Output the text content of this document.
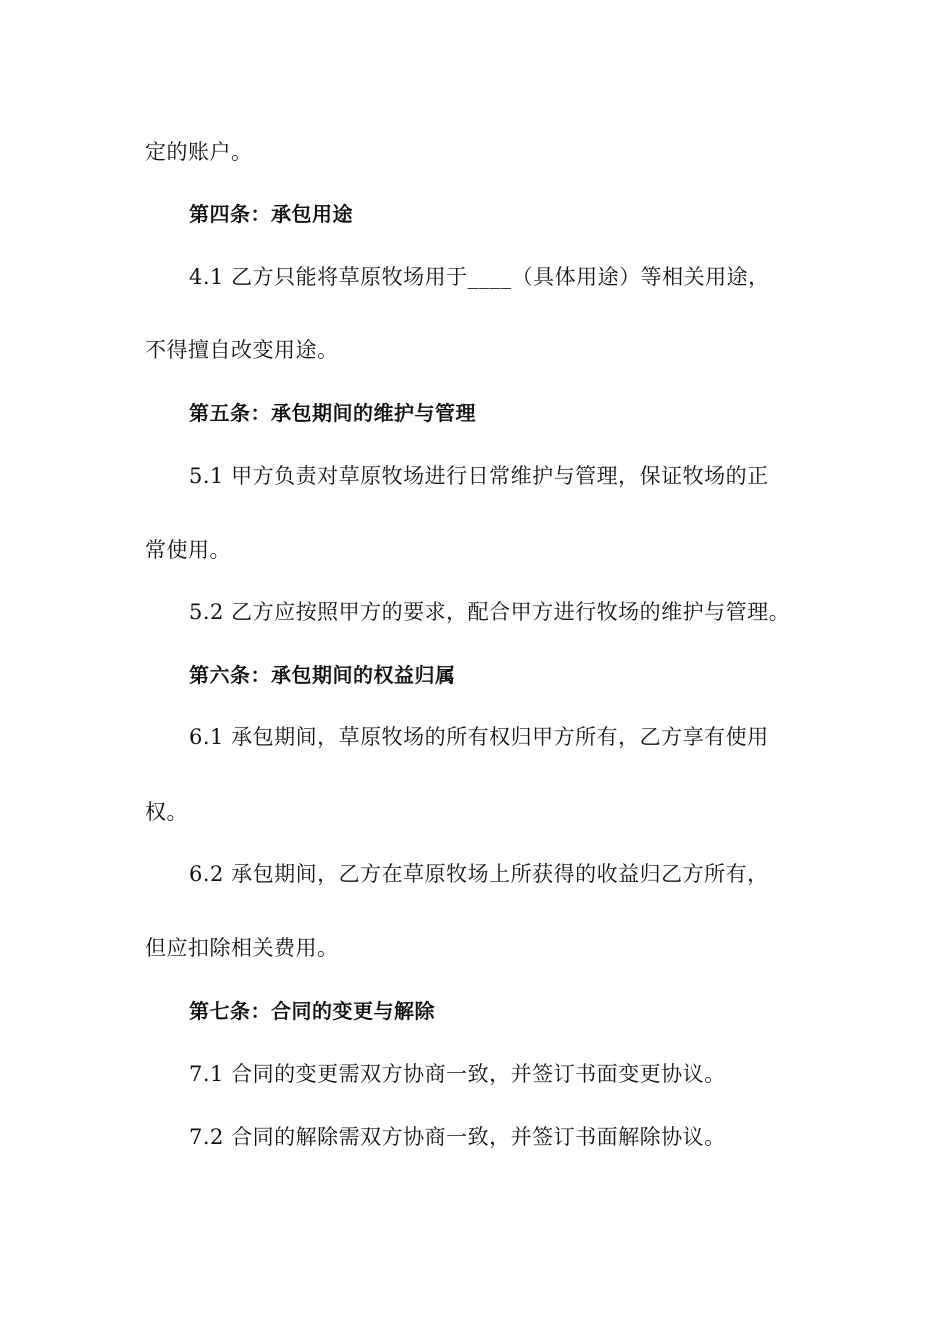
定的账户。
第四条：承包用途
4.1 乙方只能将草原牧场用于____（具体用途）等相关用途，
不得擅自改变用途。
第五条：承包期间的维护与管理
5.1 甲方负责对草原牧场进行日常维护与管理，保证牧场的正
常使用。
5.2 乙方应按照甲方的要求，配合甲方进行牧场的维护与管理。
第六条：承包期间的权益归属
6.1 承包期间，草原牧场的所有权归甲方所有，乙方享有使用
权。
6.2 承包期间，乙方在草原牧场上所获得的收益归乙方所有，
但应扣除相关费用。
第七条：合同的变更与解除
7.1 合同的变更需双方协商一致，并签订书面变更协议。
7.2 合同的解除需双方协商一致，并签订书面解除协议。
